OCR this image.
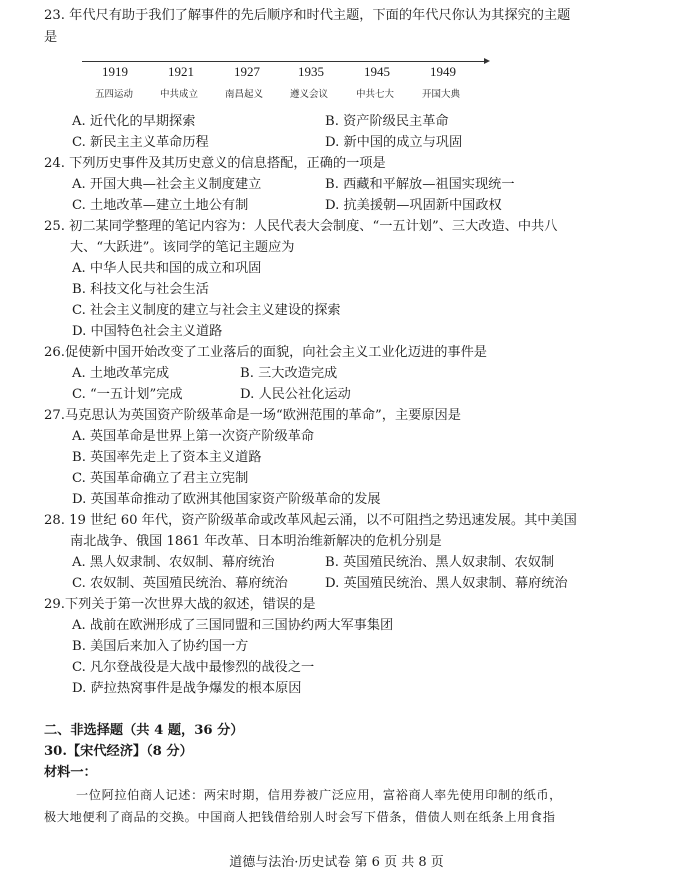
23. 年代尺有助于我们了解事件的先后顺序和时代主题，下面的年代尺你认为其探究的主题
是
1919	1921	1927	1935	1945	1949
五四运动	中共成立	南昌起义	遵义会议	中共七大	开国大典
A. 近代化的早期探索	B. 资产阶级民主革命
C. 新民主主义革命历程	D. 新中国的成立与巩固
24. 下列历史事件及其历史意义的信息搭配，正确的一项是
A. 开国大典—社会主义制度建立	B. 西藏和平解放—祖国实现统一
C. 土地改革—建立土地公有制	D. 抗美援朝—巩固新中国政权
25. 初二某同学整理的笔记内容为：人民代表大会制度、“一五计划”、三大改造、中共八
大、“大跃进”。该同学的笔记主题应为
A. 中华人民共和国的成立和巩固
B. 科技文化与社会生活
C. 社会主义制度的建立与社会主义建设的探索
D. 中国特色社会主义道路
26.促使新中国开始改变了工业落后的面貌，向社会主义工业化迈进的事件是
A. 土地改革完成	B. 三大改造完成
C. “一五计划”完成	D. 人民公社化运动
27.马克思认为英国资产阶级革命是一场“欧洲范围的革命”，主要原因是
A. 英国革命是世界上第一次资产阶级革命
B. 英国率先走上了资本主义道路
C. 英国革命确立了君主立宪制
D. 英国革命推动了欧洲其他国家资产阶级革命的发展
28. 19 世纪 60 年代，资产阶级革命或改革风起云涌，以不可阻挡之势迅速发展。其中美国
南北战争、俄国 1861 年改革、日本明治维新解决的危机分别是
A. 黑人奴隶制、农奴制、幕府统治	B. 英国殖民统治、黑人奴隶制、农奴制
C. 农奴制、英国殖民统治、幕府统治	D. 英国殖民统治、黑人奴隶制、幕府统治
29.下列关于第一次世界大战的叙述，错误的是
A. 战前在欧洲形成了三国同盟和三国协约两大军事集团
B. 美国后来加入了协约国一方
C. 凡尔登战役是大战中最惨烈的战役之一
D. 萨拉热窝事件是战争爆发的根本原因
二、非选择题（共 4 题，36 分）
30.【宋代经济】（8 分）
材料一：
一位阿拉伯商人记述：两宋时期，信用券被广泛应用，富裕商人率先使用印制的纸币，
极大地便利了商品的交换。中国商人把钱借给别人时会写下借条，借债人则在纸条上用食指
道德与法治·历史试卷 第 6 页 共 8 页
